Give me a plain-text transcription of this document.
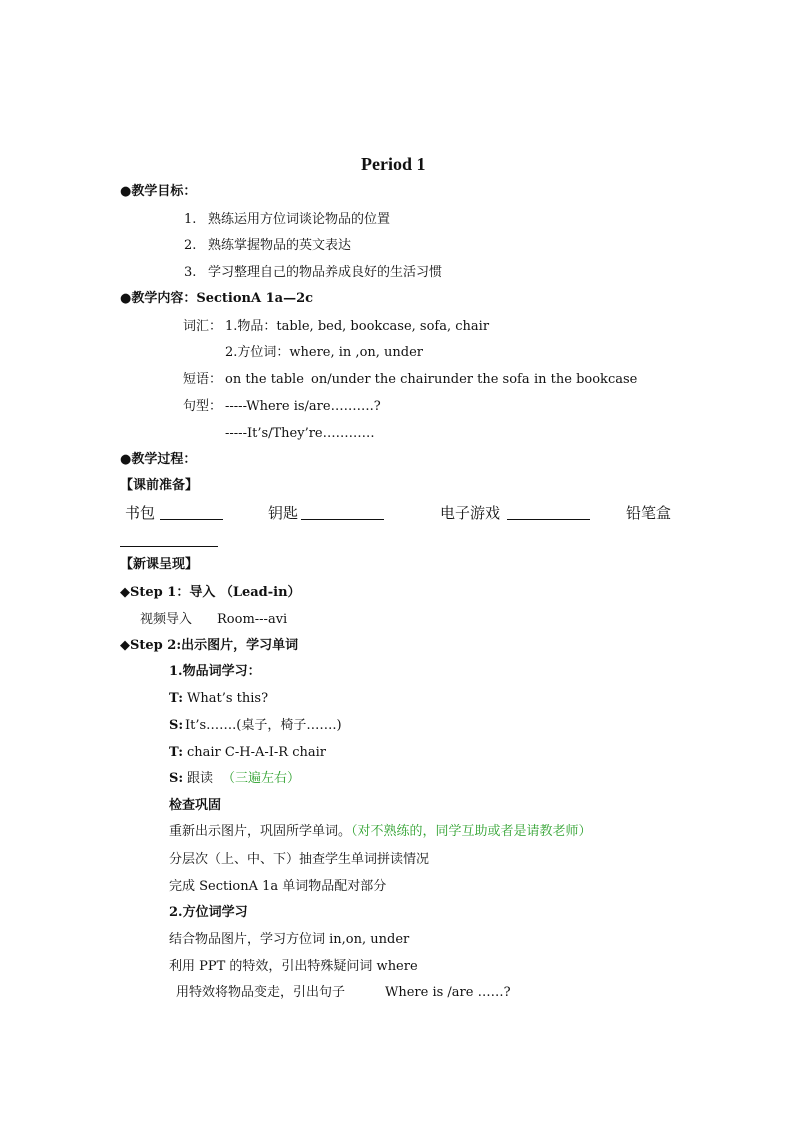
Period 1
●教学目标：
1. 熟练运用方位词谈论物品的位置
2. 熟练掌握物品的英文表达
3. 学习整理自己的物品养成良好的生活习惯
●教学内容：SectionA 1a—2c
词汇： 1.物品：table, bed, bookcase, sofa, chair
2.方位词：where, in ,on, under
短语： on the table on/under the chair under the sofa in the bookcase
句型： -----Where is/are……….?
-----It’s/They’re…………
●教学过程：
【课前准备】
书包	钥匙	电子游戏	铅笔盒
【新课呈现】
◆Step 1：导入 （Lead-in）
视频导入 Room---avi
◆Step 2:出示图片，学习单词
1.物品词学习：
T: What’s this?
S: It’s…….(桌子，椅子…….)
T: chair C-H-A-I-R chair
S: 跟读 （三遍左右）
检查巩固
重新出示图片，巩固所学单词。（对不熟练的，同学互助或者是请教老师）
分层次（上、中、下）抽查学生单词拼读情况
完成 SectionA 1a 单词物品配对部分
2.方位词学习
结合物品图片，学习方位词 in,on, under
利用 PPT 的特效，引出特殊疑问词 where
用特效将物品变走，引出句子	Where is /are ……?
